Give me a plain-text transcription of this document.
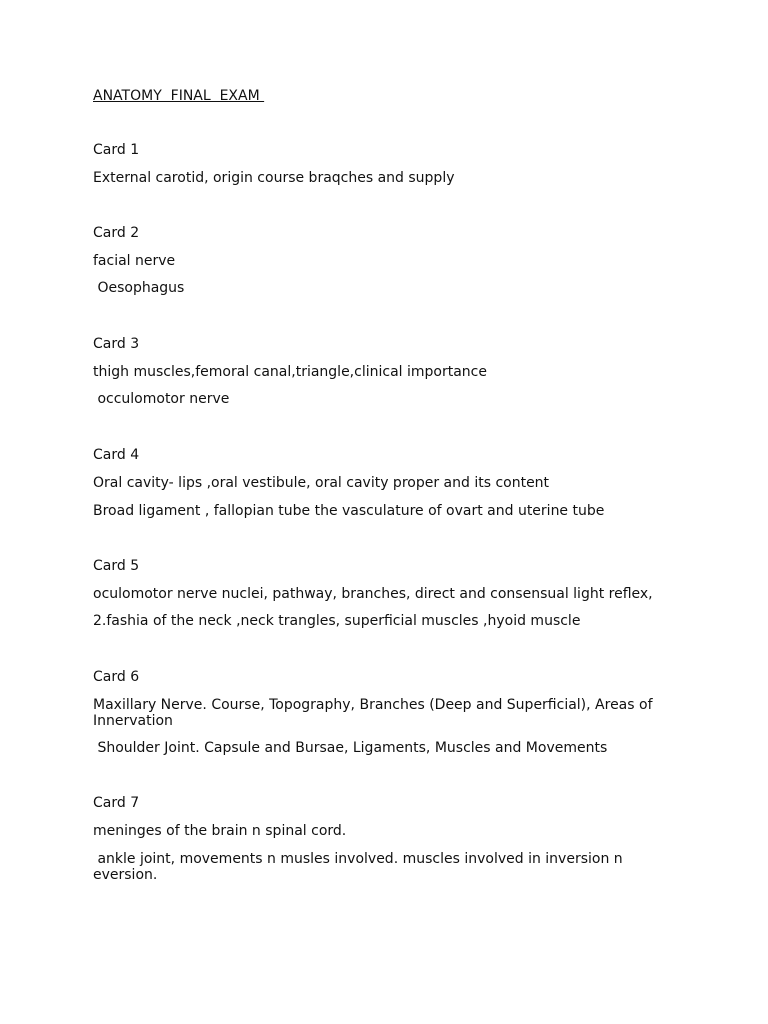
ANATOMY  FINAL  EXAM
Card 1
External carotid, origin course braqches and supply
Card 2
facial nerve
Oesophagus
Card 3
thigh muscles,femoral canal,triangle,clinical importance
occulomotor nerve
Card 4
Oral cavity- lips ,oral vestibule, oral cavity proper and its content
Broad ligament , fallopian tube the vasculature of ovart and uterine tube
Card 5
oculomotor nerve nuclei, pathway, branches, direct and consensual light reflex,
2.fashia of the neck ,neck trangles, superficial muscles ,hyoid muscle
Card 6
Maxillary Nerve. Course, Topography, Branches (Deep and Superficial), Areas of Innervation
Shoulder Joint. Capsule and Bursae, Ligaments, Muscles and Movements
Card 7
meninges of the brain n spinal cord.
ankle joint, movements n musles involved. muscles involved in inversion n eversion.
